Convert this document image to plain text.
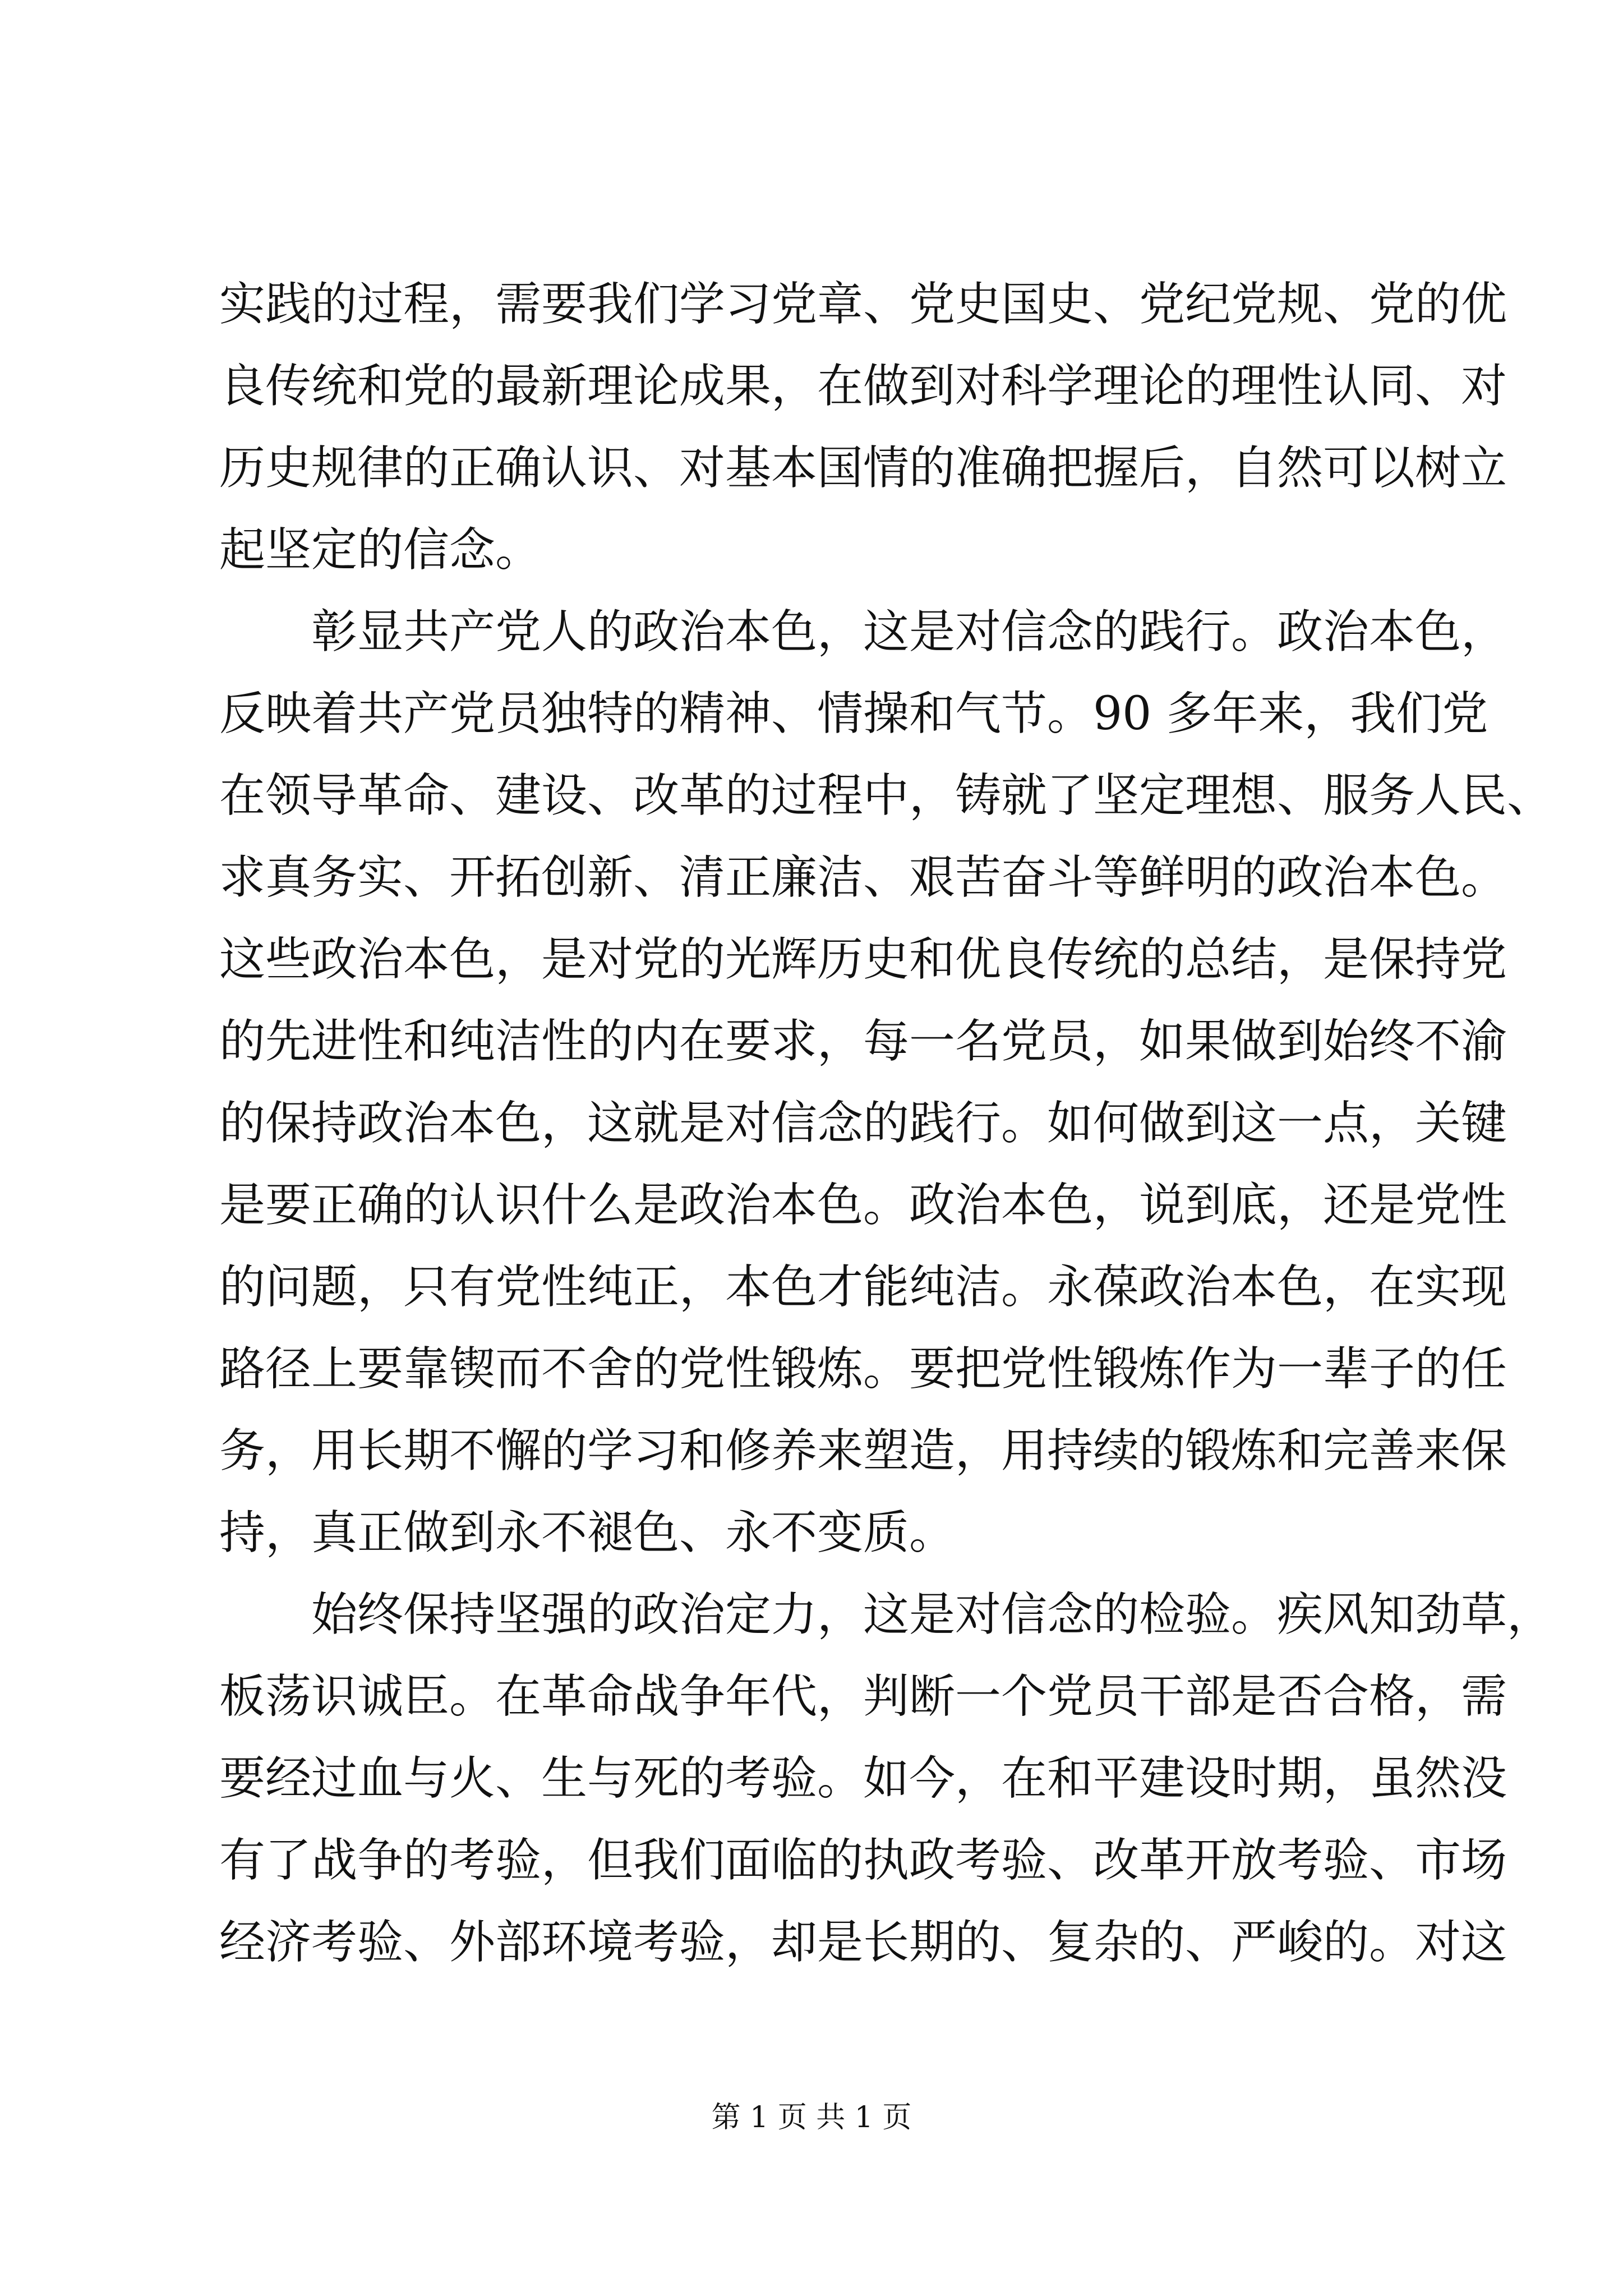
实践的过程，需要我们学习党章、党史国史、党纪党规、党的优
良传统和党的最新理论成果，在做到对科学理论的理性认同、对
历史规律的正确认识、对基本国情的准确把握后，自然可以树立
起坚定的信念。
　　彰显共产党人的政治本色，这是对信念的践行。政治本色，
反映着共产党员独特的精神、情操和气节。90 多年来，我们党
在领导革命、建设、改革的过程中，铸就了坚定理想、服务人民、
求真务实、开拓创新、清正廉洁、艰苦奋斗等鲜明的政治本色。
这些政治本色，是对党的光辉历史和优良传统的总结，是保持党
的先进性和纯洁性的内在要求，每一名党员，如果做到始终不渝
的保持政治本色，这就是对信念的践行。如何做到这一点，关键
是要正确的认识什么是政治本色。政治本色，说到底，还是党性
的问题，只有党性纯正，本色才能纯洁。永葆政治本色，在实现
路径上要靠锲而不舍的党性锻炼。要把党性锻炼作为一辈子的任
务，用长期不懈的学习和修养来塑造，用持续的锻炼和完善来保
持，真正做到永不褪色、永不变质。
　　始终保持坚强的政治定力，这是对信念的检验。疾风知劲草，
板荡识诚臣。在革命战争年代，判断一个党员干部是否合格，需
要经过血与火、生与死的考验。如今，在和平建设时期，虽然没
有了战争的考验，但我们面临的执政考验、改革开放考验、市场
经济考验、外部环境考验，却是长期的、复杂的、严峻的。对这
第 1 页 共 1 页
